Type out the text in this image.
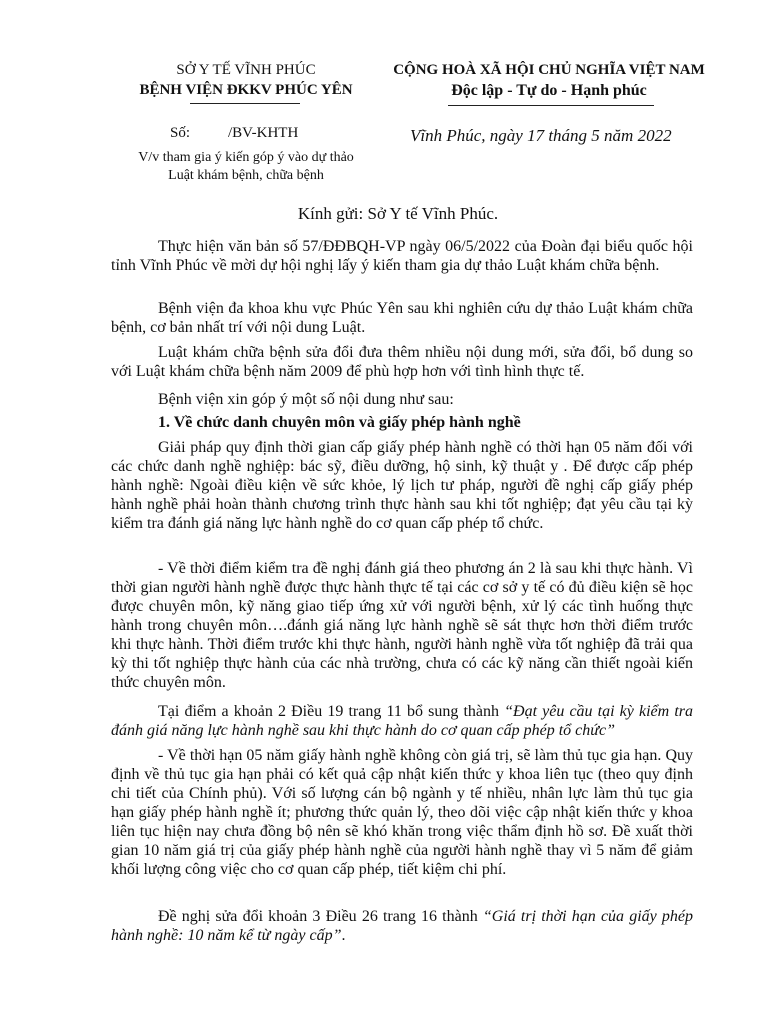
SỞ Y TẾ VĨNH PHÚC
BỆNH VIỆN ĐKKV PHÚC YÊN
CỘNG HOÀ XÃ HỘI CHỦ NGHĨA VIỆT NAM
Độc lập - Tự do - Hạnh phúc
Số:	/BV-KHTH
V/v tham gia ý kiến góp ý vào dự thảo
Luật khám bệnh, chữa bệnh
Vĩnh Phúc, ngày 17 tháng 5 năm 2022
Kính gửi: Sở Y tế Vĩnh Phúc.

Thực hiện văn bản số 57/ĐĐBQH-VP ngày 06/5/2022 của Đoàn đại biểu quốc hội tỉnh Vĩnh Phúc về mời dự hội nghị lấy ý kiến tham gia dự thảo Luật khám chữa bệnh.

Bệnh viện đa khoa khu vực Phúc Yên sau khi nghiên cứu dự thảo Luật khám chữa bệnh, cơ bản nhất trí với nội dung Luật.

Luật khám chữa bệnh sửa đổi đưa thêm nhiều nội dung mới, sửa đổi, bổ dung so với Luật khám chữa bệnh năm 2009 để phù hợp hơn với tình hình thực tế.

Bệnh viện xin góp ý một số nội dung như sau:

1. Về chức danh chuyên môn và giấy phép hành nghề

Giải pháp quy định thời gian cấp giấy phép hành nghề có thời hạn 05 năm đối với các chức danh nghề nghiệp: bác sỹ, điều dưỡng, hộ sinh, kỹ thuật y . Để được cấp phép hành nghề: Ngoài điều kiện về sức khỏe, lý lịch tư pháp, người đề nghị cấp giấy phép hành nghề phải hoàn thành chương trình thực hành sau khi tốt nghiệp; đạt yêu cầu tại kỳ kiểm tra đánh giá năng lực hành nghề do cơ quan cấp phép tổ chức.

- Về thời điểm kiểm tra đề nghị đánh giá theo phương án 2 là sau khi thực hành. Vì thời gian người hành nghề được thực hành thực tế tại các cơ sở y tế có đủ điều kiện sẽ học được chuyên môn, kỹ năng giao tiếp ứng xử với người bệnh, xử lý các tình huống thực hành trong chuyên môn….đánh giá năng lực hành nghề sẽ sát thực hơn thời điểm trước khi thực hành. Thời điểm trước khi thực hành, người hành nghề vừa tốt nghiệp đã trải qua kỳ thi tốt nghiệp thực hành của các nhà trường, chưa có các kỹ năng cần thiết ngoài kiến thức chuyên môn.

Tại điểm a khoản 2 Điều 19 trang 11 bổ sung thành “Đạt yêu cầu tại kỳ kiểm tra đánh giá năng lực hành nghề sau khi thực hành do cơ quan cấp phép tổ chức”

- Về thời hạn 05 năm giấy hành nghề không còn giá trị, sẽ làm thủ tục gia hạn. Quy định về thủ tục gia hạn phải có kết quả cập nhật kiến thức y khoa liên tục (theo quy định chi tiết của Chính phủ). Với số lượng cán bộ ngành y tế nhiều, nhân lực làm thủ tục gia hạn giấy phép hành nghề ít; phương thức quản lý, theo dõi việc cập nhật kiến thức y khoa liên tục hiện nay chưa đồng bộ nên sẽ khó khăn trong việc thẩm định hồ sơ. Đề xuất thời gian 10 năm giá trị của giấy phép hành nghề của người hành nghề thay vì 5 năm để giảm khối lượng công việc cho cơ quan cấp phép, tiết kiệm chi phí.

Đề nghị sửa đổi khoản 3 Điều 26 trang 16 thành “Giá trị thời hạn của giấy phép hành nghề: 10 năm kể từ ngày cấp”.
